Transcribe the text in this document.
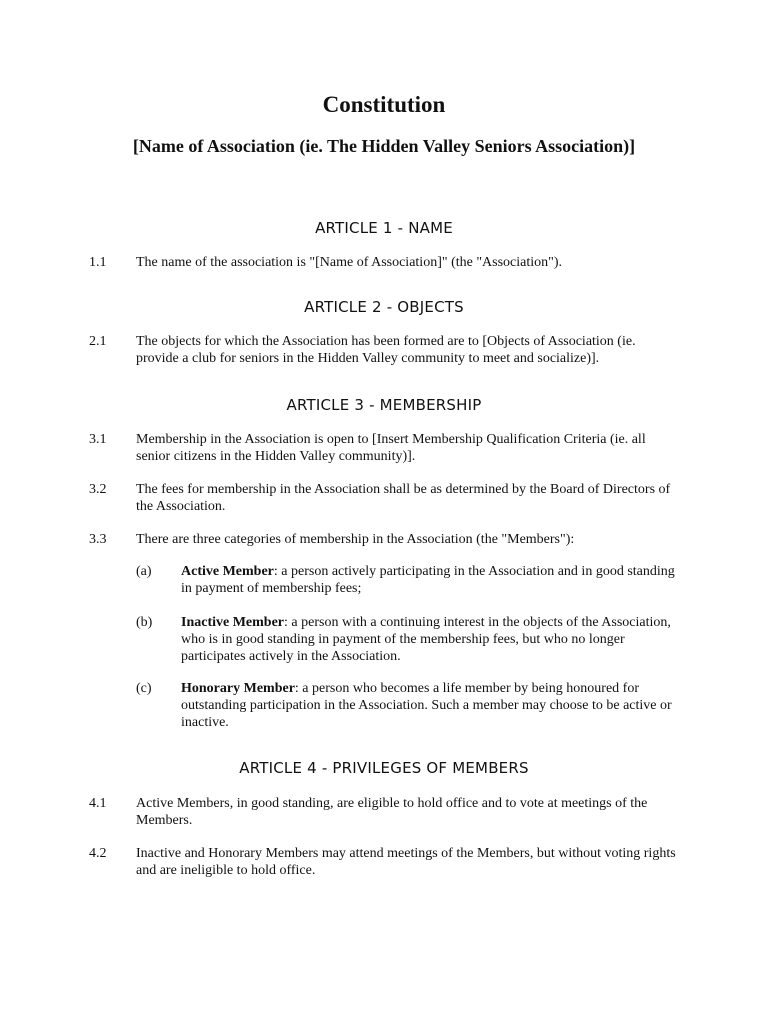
Constitution
[Name of Association (ie. The Hidden Valley Seniors Association)]
ARTICLE 1 - NAME
1.1 The name of the association is "[Name of Association]" (the "Association").
ARTICLE 2 - OBJECTS
2.1 The objects for which the Association has been formed are to [Objects of Association (ie. provide a club for seniors in the Hidden Valley community to meet and socialize)].
ARTICLE 3 - MEMBERSHIP
3.1 Membership in the Association is open to [Insert Membership Qualification Criteria (ie. all senior citizens in the Hidden Valley community)].
3.2 The fees for membership in the Association shall be as determined by the Board of Directors of the Association.
3.3 There are three categories of membership in the Association (the "Members"):
(a) Active Member: a person actively participating in the Association and in good standing in payment of membership fees;
(b) Inactive Member: a person with a continuing interest in the objects of the Association, who is in good standing in payment of the membership fees, but who no longer participates actively in the Association.
(c) Honorary Member: a person who becomes a life member by being honoured for outstanding participation in the Association. Such a member may choose to be active or inactive.
ARTICLE 4 - PRIVILEGES OF MEMBERS
4.1 Active Members, in good standing, are eligible to hold office and to vote at meetings of the Members.
4.2 Inactive and Honorary Members may attend meetings of the Members, but without voting rights and are ineligible to hold office.
